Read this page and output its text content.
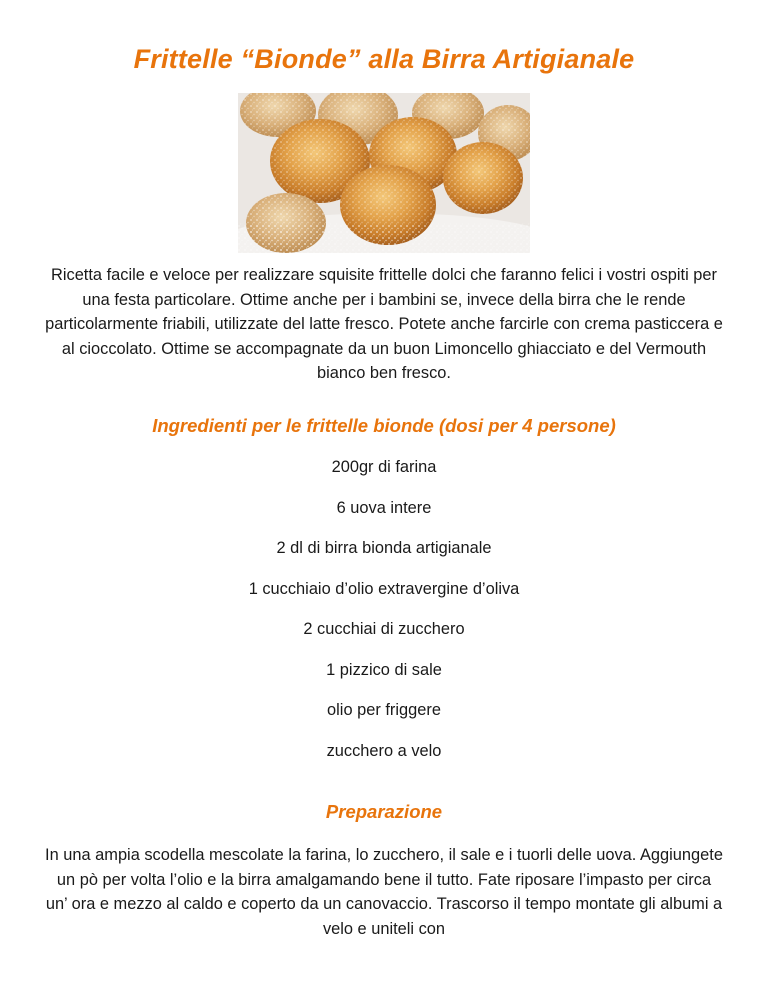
Frittelle “Bionde” alla Birra Artigianale

Ricetta facile e veloce per realizzare squisite frittelle dolci che faranno felici i vostri ospiti per una festa particolare. Ottime anche per i bambini se, invece della birra che le rende particolarmente friabili, utilizzate del latte fresco. Potete anche farcirle con crema pasticcera e al cioccolato. Ottime se accompagnate da un buon Limoncello ghiacciato e del Vermouth bianco ben fresco.

Ingredienti per le frittelle bionde (dosi per 4 persone)
200gr di farina
6 uova intere
2 dl di birra bionda artigianale
1 cucchiaio d’olio extravergine d’oliva
2 cucchiai di zucchero
1 pizzico di sale
olio per friggere
zucchero a velo
Preparazione

In una ampia scodella mescolate la farina, lo zucchero, il sale e i tuorli delle uova. Aggiungete un pò per volta l’olio e la birra amalgamando bene il tutto. Fate riposare l’impasto per circa un’ ora e mezzo al caldo e coperto da un canovaccio. Trascorso il tempo montate gli albumi a velo e uniteli con
